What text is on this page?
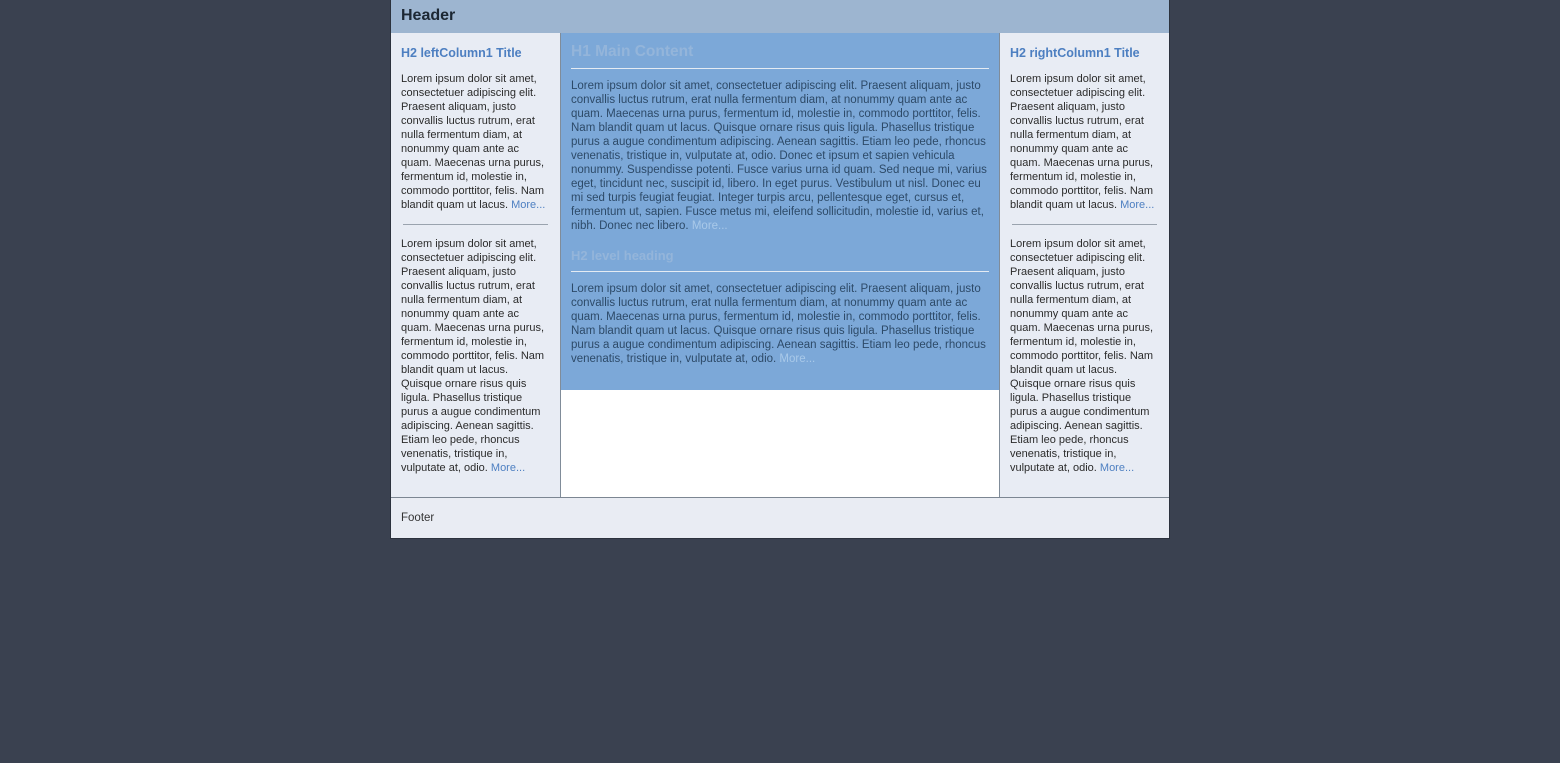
Header
H2 leftColumn1 Title

Lorem ipsum dolor sit amet, consectetuer adipiscing elit. Praesent aliquam, justo convallis luctus rutrum, erat nulla fermentum diam, at nonummy quam ante ac quam. Maecenas urna purus, fermentum id, molestie in, commodo porttitor, felis. Nam blandit quam ut lacus. More...

Lorem ipsum dolor sit amet, consectetuer adipiscing elit. Praesent aliquam, justo convallis luctus rutrum, erat nulla fermentum diam, at nonummy quam ante ac quam. Maecenas urna purus, fermentum id, molestie in, commodo porttitor, felis. Nam blandit quam ut lacus. Quisque ornare risus quis ligula. Phasellus tristique purus a augue condimentum adipiscing. Aenean sagittis. Etiam leo pede, rhoncus venenatis, tristique in, vulputate at, odio. More...

H1 Main Content

Lorem ipsum dolor sit amet, consectetuer adipiscing elit. Praesent aliquam, justo convallis luctus rutrum, erat nulla fermentum diam, at nonummy quam ante ac quam. Maecenas urna purus, fermentum id, molestie in, commodo porttitor, felis. Nam blandit quam ut lacus. Quisque ornare risus quis ligula. Phasellus tristique purus a augue condimentum adipiscing. Aenean sagittis. Etiam leo pede, rhoncus venenatis, tristique in, vulputate at, odio. Donec et ipsum et sapien vehicula nonummy. Suspendisse potenti. Fusce varius urna id quam. Sed neque mi, varius eget, tincidunt nec, suscipit id, libero. In eget purus. Vestibulum ut nisl. Donec eu mi sed turpis feugiat feugiat. Integer turpis arcu, pellentesque eget, cursus et, fermentum ut, sapien. Fusce metus mi, eleifend sollicitudin, molestie id, varius et, nibh. Donec nec libero. More...

H2 level heading

Lorem ipsum dolor sit amet, consectetuer adipiscing elit. Praesent aliquam, justo convallis luctus rutrum, erat nulla fermentum diam, at nonummy quam ante ac quam. Maecenas urna purus, fermentum id, molestie in, commodo porttitor, felis. Nam blandit quam ut lacus. Quisque ornare risus quis ligula. Phasellus tristique purus a augue condimentum adipiscing. Aenean sagittis. Etiam leo pede, rhoncus venenatis, tristique in, vulputate at, odio. More...

H2 rightColumn1 Title

Lorem ipsum dolor sit amet, consectetuer adipiscing elit. Praesent aliquam, justo convallis luctus rutrum, erat nulla fermentum diam, at nonummy quam ante ac quam. Maecenas urna purus, fermentum id, molestie in, commodo porttitor, felis. Nam blandit quam ut lacus. More...

Lorem ipsum dolor sit amet, consectetuer adipiscing elit. Praesent aliquam, justo convallis luctus rutrum, erat nulla fermentum diam, at nonummy quam ante ac quam. Maecenas urna purus, fermentum id, molestie in, commodo porttitor, felis. Nam blandit quam ut lacus. Quisque ornare risus quis ligula. Phasellus tristique purus a augue condimentum adipiscing. Aenean sagittis. Etiam leo pede, rhoncus venenatis, tristique in, vulputate at, odio. More...

Footer
